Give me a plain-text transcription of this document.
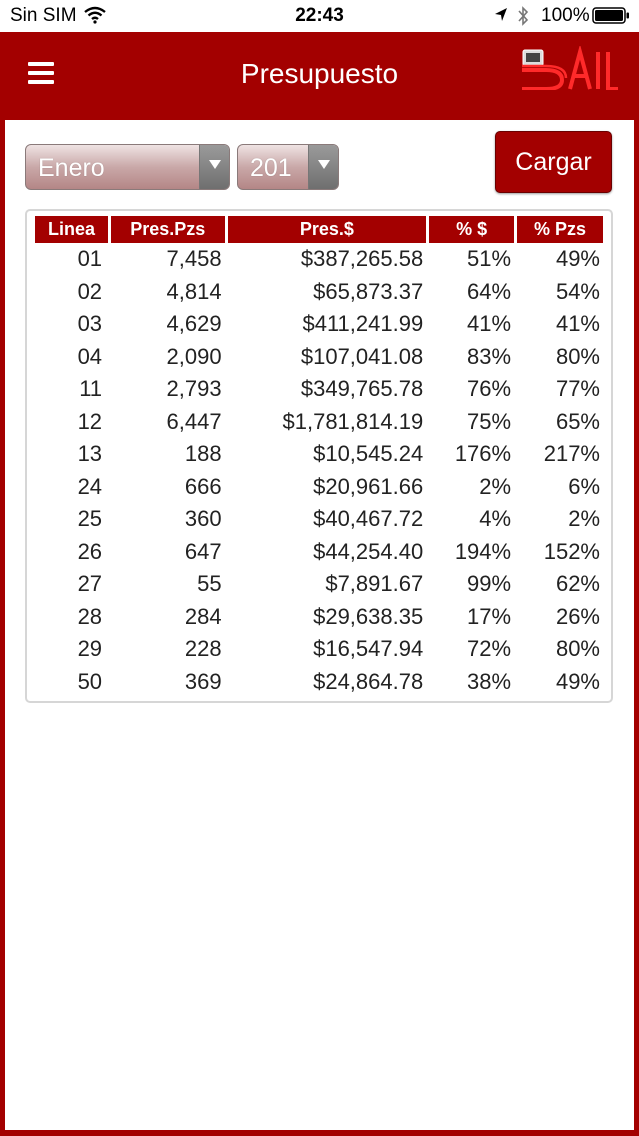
Sin SIM	22:43	100%
Presupuesto
Enero	201	Cargar
Linea	Pres.Pzs	Pres.$	% $	% Pzs
01	7,458	$387,265.58	51%	49%
02	4,814	$65,873.37	64%	54%
03	4,629	$411,241.99	41%	41%
04	2,090	$107,041.08	83%	80%
11	2,793	$349,765.78	76%	77%
12	6,447	$1,781,814.19	75%	65%
13	188	$10,545.24	176%	217%
24	666	$20,961.66	2%	6%
25	360	$40,467.72	4%	2%
26	647	$44,254.40	194%	152%
27	55	$7,891.67	99%	62%
28	284	$29,638.35	17%	26%
29	228	$16,547.94	72%	80%
50	369	$24,864.78	38%	49%
